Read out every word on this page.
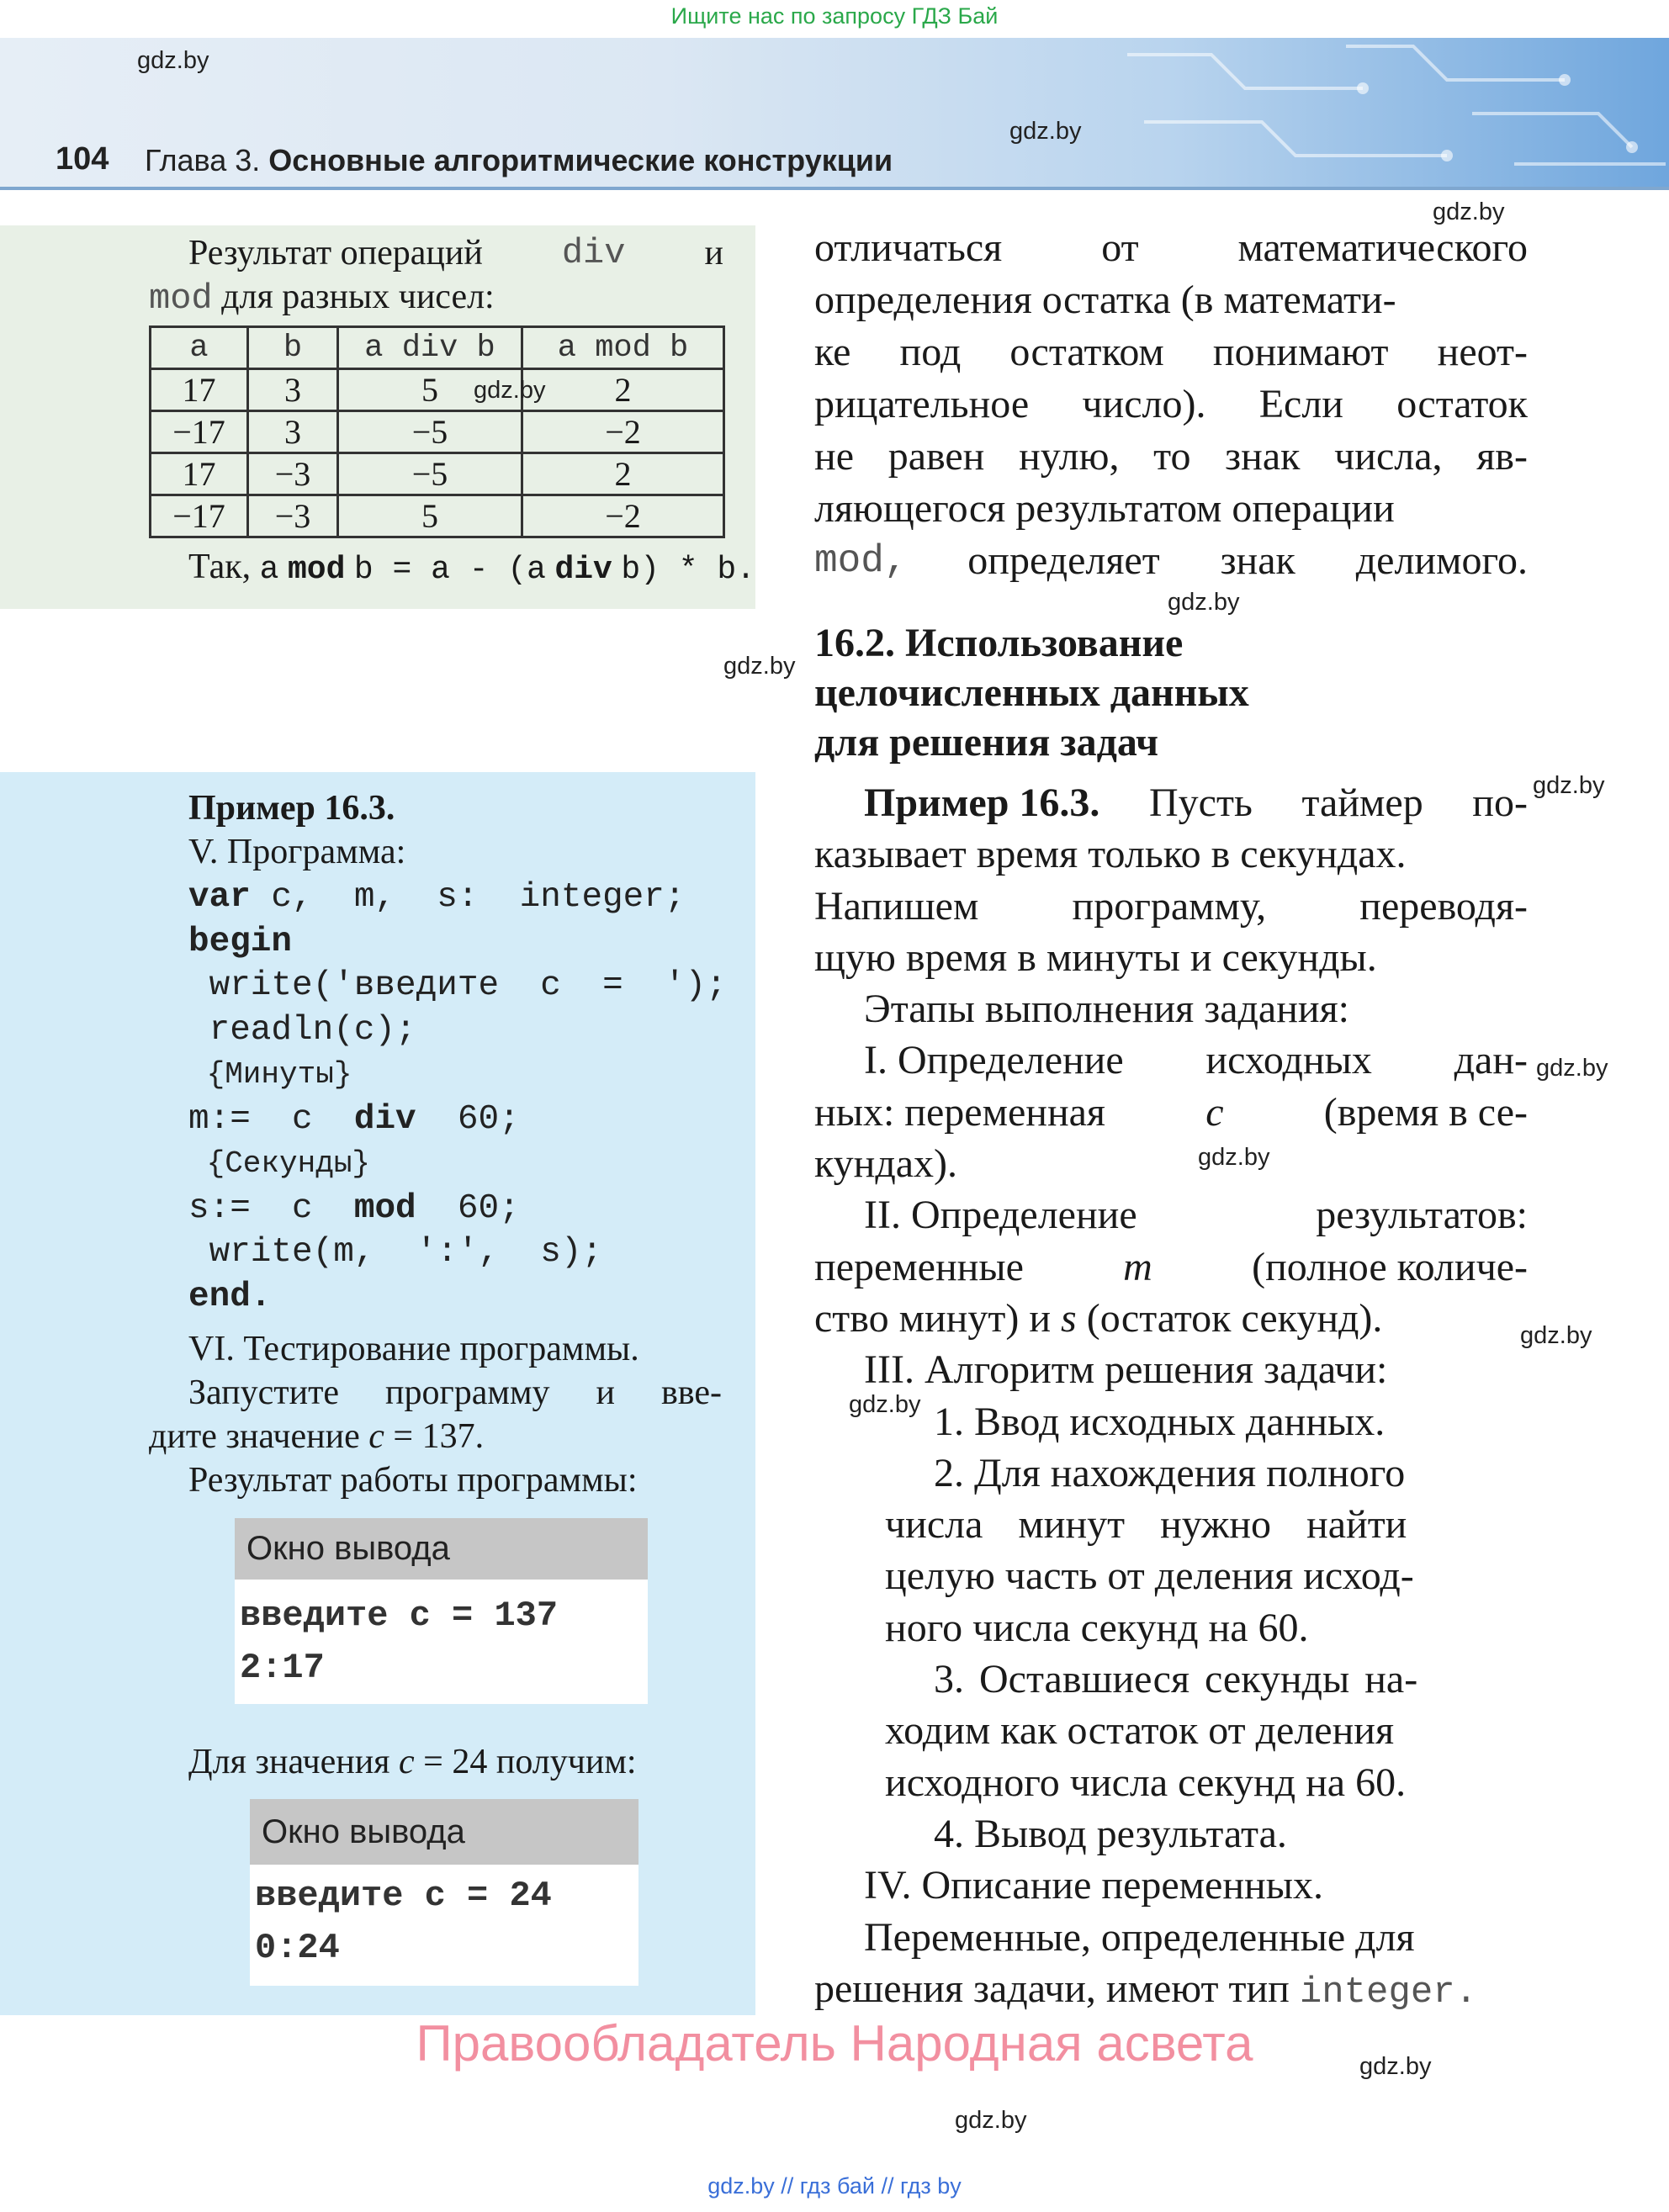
Ищите нас по запросу ГДЗ Бай
104 Глава 3. Основные алгоритмические конструкции
gdz.by
gdz.by
gdz.by
gdz.by
gdz.by
gdz.by
gdz.by
gdz.by
gdz.by
gdz.by
gdz.by
gdz.by
Результат операций div и
mod для разных чисел:
a	b	a div b	a mod b
17	3	5	2
−17	3	−5	−2
17	−3	−5	2
−17	−3	5	−2
gdz.by
Так, a mod b = a - (a div b) * b.
отличаться от математического
определения остатка (в математи-
ке под остатком понимают неот-
рицательное число). Если остаток
не равен нулю, то знак числа, яв-
ляющегося результатом операции
mod, определяет знак делимого.
16.2. Использование
целочисленных данных
для решения задач
Пример 16.3.
V. Программа:
var c,  m,  s:  integer;
begin
write('введите  c  =  ');
readln(c);
{Минуты}
m:=  c  div  60;
{Секунды}
s:=  c  mod  60;
write(m,  ':',  s);
end.
VI. Тестирование программы.
Запустите программу и вве-
дите значение c = 137.
Результат работы программы:
Окно вывода
введите c = 137
2:17
Для значения c = 24 получим:
Окно вывода
введите c = 24
0:24
Пример 16.3. Пусть таймер по-
казывает время только в секундах.
Напишем программу, переводя-
щую время в минуты и секунды.
Этапы выполнения задания:
I. Определение исходных дан-
ных: переменная c (время в се-
кундах).
II. Определение	результатов:
переменные m (полное количе-
ство минут) и s (остаток секунд).
III. Алгоритм решения задачи:
1. Ввод исходных данных.
2. Для нахождения полного
числа минут нужно найти
целую часть от деления исход-
ного числа секунд на 60.
3. Оставшиеся секунды на-
ходим как остаток от деления
исходного числа секунд на 60.
4. Вывод результата.
IV. Описание переменных.
Переменные, определенные для
решения задачи, имеют тип integer.
Правообладатель Народная асвета
gdz.by // гдз бай // гдз by
